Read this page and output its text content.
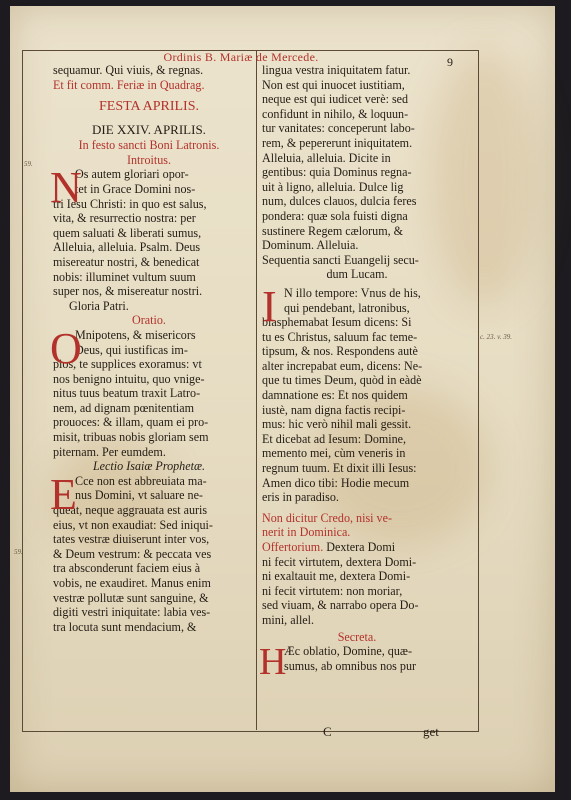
Ordinis B. Mariæ de Mercede.	9
59.
59.
c. 23. v. 39.
sequamur. Qui viuis, & regnas.
Et fit comm. Feriæ in Quadrag.
FESTA APRILIS.
DIE XXIV. APRILIS.
In festo sancti Boni Latronis.
Introitus.
N
Os autem gloriari opor-
tet in Grace Domini nos-
tri Iesu Christi: in quo est salus,
vita, & resurrectio nostra: per
quem saluati & liberati sumus,
Alleluia, alleluia. Psalm. Deus
misereatur nostri, & benedicat
nobis: illuminet vultum suum
super nos, & misereatur nostri.
Gloria Patri.
Oratio.
O
Mnipotens, & misericors
Deus, qui iustificas im-
pios, te supplices exoramus: vt
nos benigno intuitu, quo vnige-
nitus tuus beatum traxit Latro-
nem, ad dignam pœnitentiam
prouoces: & illam, quam ei pro-
misit, tribuas nobis gloriam sem
piternam. Per eumdem.
Lectio Isaiæ Prophetæ.
E
Cce non est abbreuiata ma-
nus Domini, vt saluare ne-
queat, neque aggrauata est auris
eius, vt non exaudiat: Sed iniqui-
tates vestræ diuiserunt inter vos,
& Deum vestrum: & peccata ves
tra absconderunt faciem eius à
vobis, ne exaudiret. Manus enim
vestræ pollutæ sunt sanguine, &
digiti vestri iniquitate: labia ves-
tra locuta sunt mendacium, &
lingua vestra iniquitatem fatur.
Non est qui inuocet iustitiam,
neque est qui iudicet verè: sed
confidunt in nihilo, & loquun-
tur vanitates: conceperunt labo-
rem, & pepererunt iniquitatem.
Alleluia, alleluia. Dicite in
gentibus: quia Dominus regna-
uit à ligno, alleluia. Dulce lig
num, dulces clauos, dulcia feres
pondera: quæ sola fuisti digna
sustinere Regem cælorum, &
Dominum. Alleluia.
Sequentia sancti Euangelij secu-
dum Lucam.
I N illo tempore: Vnus de his,
qui pendebant, latronibus,
blasphemabat Iesum dicens: Si
tu es Christus, saluum fac teme-
tipsum, & nos. Respondens autè
alter increpabat eum, dicens: Ne-
que tu times Deum, quòd in eàdè
damnatione es: Et nos quidem
iustè, nam digna factis recipi-
mus: hic verò nihil mali gessit.
Et dicebat ad Iesum: Domine,
memento mei, cùm veneris in
regnum tuum. Et dixit illi Iesus:
Amen dico tibi: Hodie mecum
eris in paradiso.
Non dicitur Credo, nisi ve-
nerit in Dominica.
Offertorium. Dextera Domi
ni fecit virtutem, dextera Domi-
ni exaltauit me, dextera Domi-
ni fecit virtutem: non moriar,
sed viuam, & narrabo opera Do-
mini, allel.
Secreta.
H
Æc oblatio, Domine, quæ-
sumus, ab omnibus nos pur
C	get
